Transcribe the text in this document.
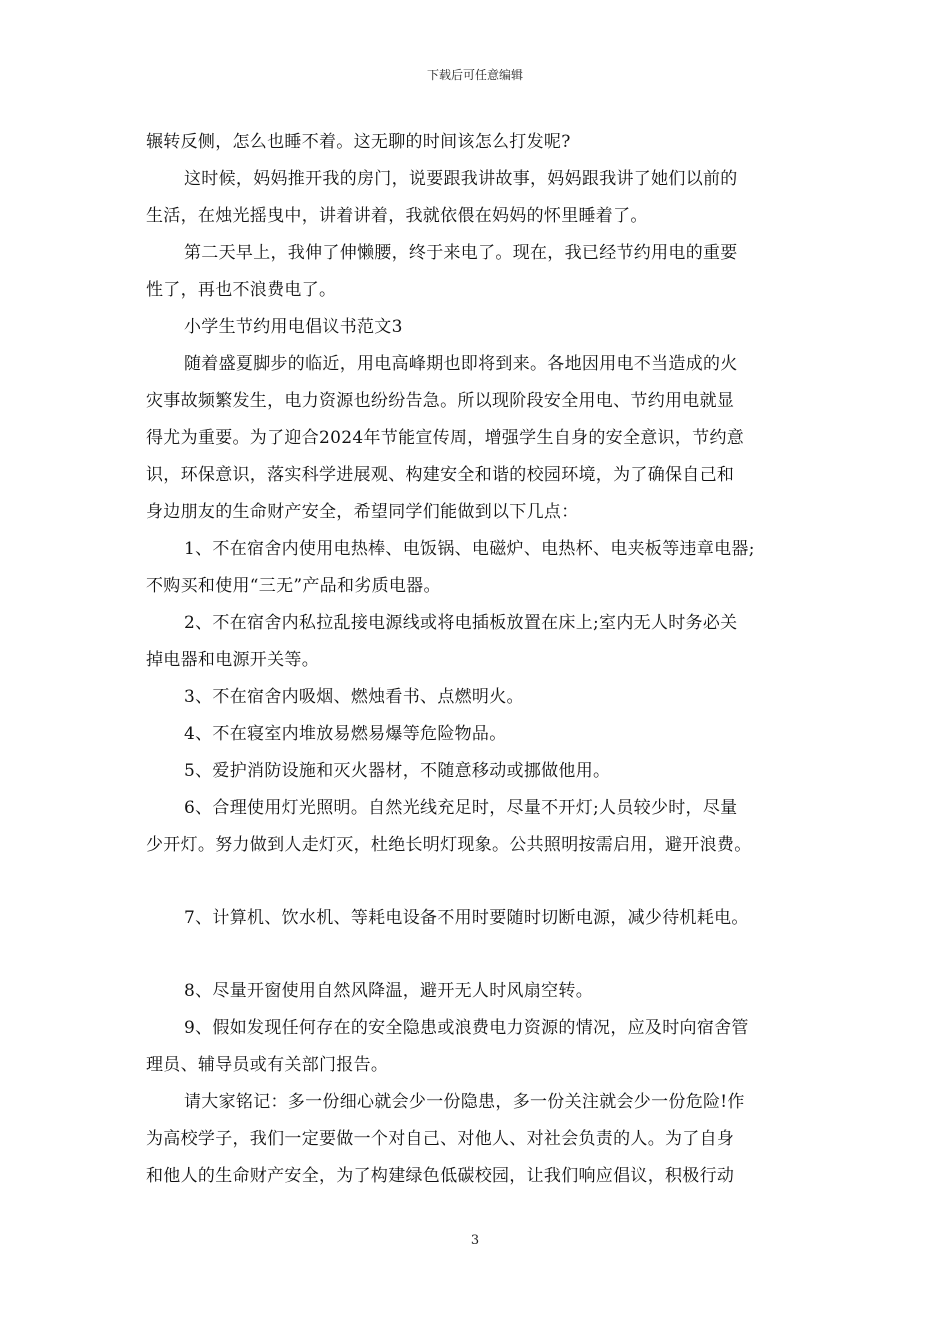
下载后可任意编辑
辗转反侧，怎么也睡不着。这无聊的时间该怎么打发呢?
这时候，妈妈推开我的房门，说要跟我讲故事，妈妈跟我讲了她们以前的
生活，在烛光摇曳中，讲着讲着，我就依偎在妈妈的怀里睡着了。
第二天早上，我伸了伸懒腰，终于来电了。现在，我已经节约用电的重要
性了，再也不浪费电了。
小学生节约用电倡议书范文3
随着盛夏脚步的临近，用电高峰期也即将到来。各地因用电不当造成的火
灾事故频繁发生，电力资源也纷纷告急。所以现阶段安全用电、节约用电就显
得尤为重要。为了迎合2024年节能宣传周，增强学生自身的安全意识，节约意
识，环保意识，落实科学进展观、构建安全和谐的校园环境，为了确保自己和
身边朋友的生命财产安全，希望同学们能做到以下几点：
1、不在宿舍内使用电热棒、电饭锅、电磁炉、电热杯、电夹板等违章电器;
不购买和使用“三无”产品和劣质电器。
2、不在宿舍内私拉乱接电源线或将电插板放置在床上;室内无人时务必关
掉电器和电源开关等。
3、不在宿舍内吸烟、燃烛看书、点燃明火。
4、不在寝室内堆放易燃易爆等危险物品。
5、爱护消防设施和灭火器材，不随意移动或挪做他用。
6、合理使用灯光照明。自然光线充足时，尽量不开灯;人员较少时，尽量
少开灯。努力做到人走灯灭，杜绝长明灯现象。公共照明按需启用，避开浪费。
7、计算机、饮水机、等耗电设备不用时要随时切断电源，减少待机耗电。
8、尽量开窗使用自然风降温，避开无人时风扇空转。
9、假如发现任何存在的安全隐患或浪费电力资源的情况，应及时向宿舍管
理员、辅导员或有关部门报告。
请大家铭记：多一份细心就会少一份隐患，多一份关注就会少一份危险!作
为高校学子，我们一定要做一个对自己、对他人、对社会负责的人。为了自身
和他人的生命财产安全，为了构建绿色低碳校园，让我们响应倡议，积极行动
3
